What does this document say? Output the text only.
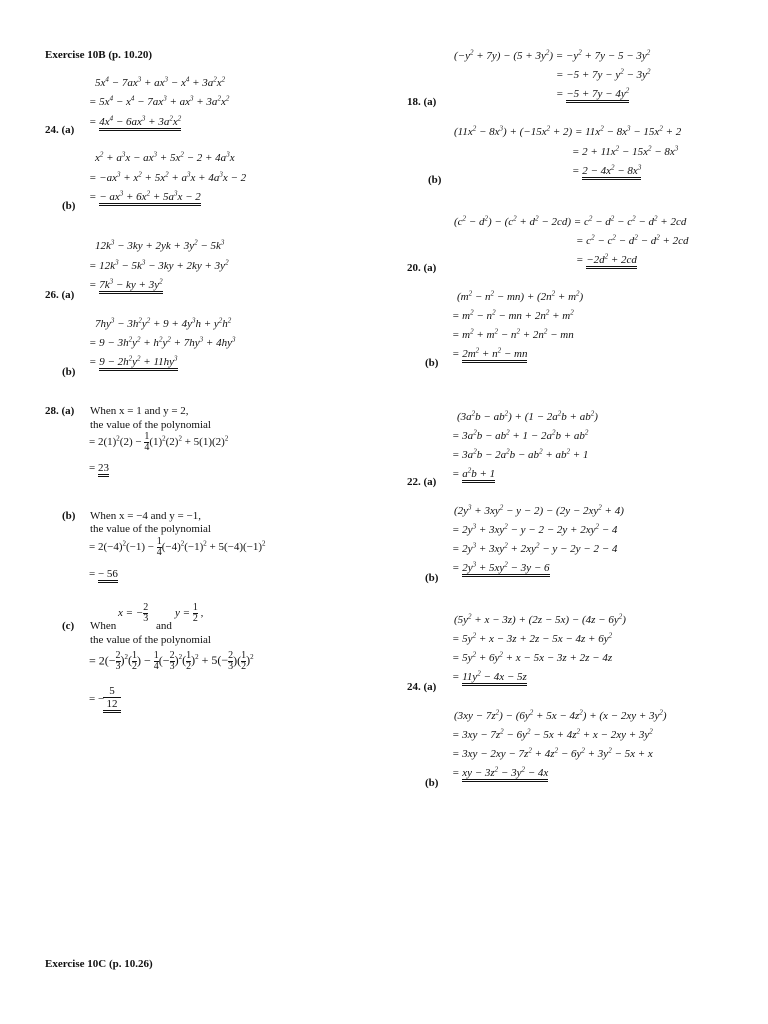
Exercise 10B (p. 10.20)
$5x^4 - 7ax^3 + ax^3 - x^4 + 3a^2x^2$
= $5x^4 - x^4 - 7ax^3 + ax^3 + 3a^2x^2$
= $4x^4 - 6ax^3 + 3a^2x^2$
24. (a)
$x^2 + a^3x - ax^3 + 5x^2 - 2 + 4a^3x$
= $-ax^3 + x^2 + 5x^2 + a^3x + 4a^3x - 2$
= − $ax^3 + 6x^2 + 5a^3x - 2$
(b)
$12k^3 - 3ky + 2yk + 3y^2 - 5k^3$
= $12k^3 - 5k^3 - 3ky + 2ky + 3y^2$
= $7k^3$ − ky + $3y^2$
26. (a)
$7hy^3 - 3h^2y^2 + 9 + 4y^3h + y^2h^2$
= $9 - 3h^2y^2 + h^2y^2 + 7hy^3 + 4hy^3$
= $9 - 2h^2y^2 + 11hy^3$
(b)
28. (a) When x = 1 and y = 2,
the value of the polynomial
= $2(1)^2(2) - \frac{1}{4} (1)^2(2)^2 + 5(1)(2)^2$
= 23
(b) When x = −4 and y = −1,
the value of the polynomial
= $2(-4)^2(-1) - \frac{1}{4} (-4)^2(-1)^2 + 5(-4)(-1)^2$
= − 56
(c) When
x = − $\frac{2}{3}$
and
$y = \frac{1}{2}$ ,
the value of the polynomial
= $2(- \frac{2}{3} )^2( \frac{1}{2}$ ) − $\frac{1}{4}$ (− $\frac{2}{3} )^2( \frac{1}{2} )^2 + 5(- \frac{2}{3}$ )( $\frac{1}{2} )^2$
= −
$\frac{5}{12}$
Exercise 10C (p. 10.26)
$(-y^2 + 7y) - (5 + 3y^2) = -y^2 + 7y - 5 - 3y^2$
= $-5 + 7y - y^2 - 3y^2$
= $-5 + 7y - 4y^2$
18. (a)
$(11x^2 - 8x^3) + (-15x^2 + 2) = 11x^2 - 8x^3 - 15x^2 + 2$
= $2 + 11x^2 - 15x^2 - 8x^3$
= $2 - 4x^2 - 8x^3$
(b)
$(c^2 - d^2) - (c^2 + d^2 - 2cd) = c^2 - d^2 - c^2 - d^2 + 2cd$
= $c^2 - c^2 - d^2 - d^2 + 2cd$
= $-2d^2 + 2cd$
20. (a)
$(m^2 - n^2 - mn) + (2n^2 + m^2)$
= $m^2 - n^2$ − mn + $2n^2 + m^2$
= $m^2 + m^2 - n^2 + 2n^2$ − mn
= $2m^2 + n^2$ − mn
(b)
$(3a^2b - ab^2) + (1 - 2a^2b + ab^2)$
= $3a^2b - ab^2 + 1 - 2a^2b + ab^2$
= $3a^2b - 2a^2b - ab^2 + ab^2 + 1$
= $a^2b + 1$
22. (a)
$(2y^3 + 3xy^2 - y - 2) - (2y - 2xy^2 + 4)$
= $2y^3 + 3xy^2 - y - 2 - 2y + 2xy^2 - 4$
= $2y^3 + 3xy^2 + 2xy^2 - y - 2y - 2 - 4$
= $2y^3 + 5xy^2 - 3y - 6$
(b)
$(5y^2 + x - 3z) + (2z - 5x) - (4z - 6y^2)$
= $5y^2 + x - 3z + 2z - 5x - 4z + 6y^2$
= $5y^2 + 6y^2 + x - 5x - 3z + 2z - 4z$
= $11y^2 - 4x - 5z$
24. (a)
$(3xy - 7z^2) - (6y^2 + 5x - 4z^2) + (x - 2xy + 3y^2)$
= $3xy - 7z^2 - 6y^2 - 5x + 4z^2 + x - 2xy + 3y^2$
= $3xy - 2xy - 7z^2 + 4z^2 - 6y^2 + 3y^2 - 5x + x$
= xy − $3z^2 - 3y^2 - 4x$
(b)
